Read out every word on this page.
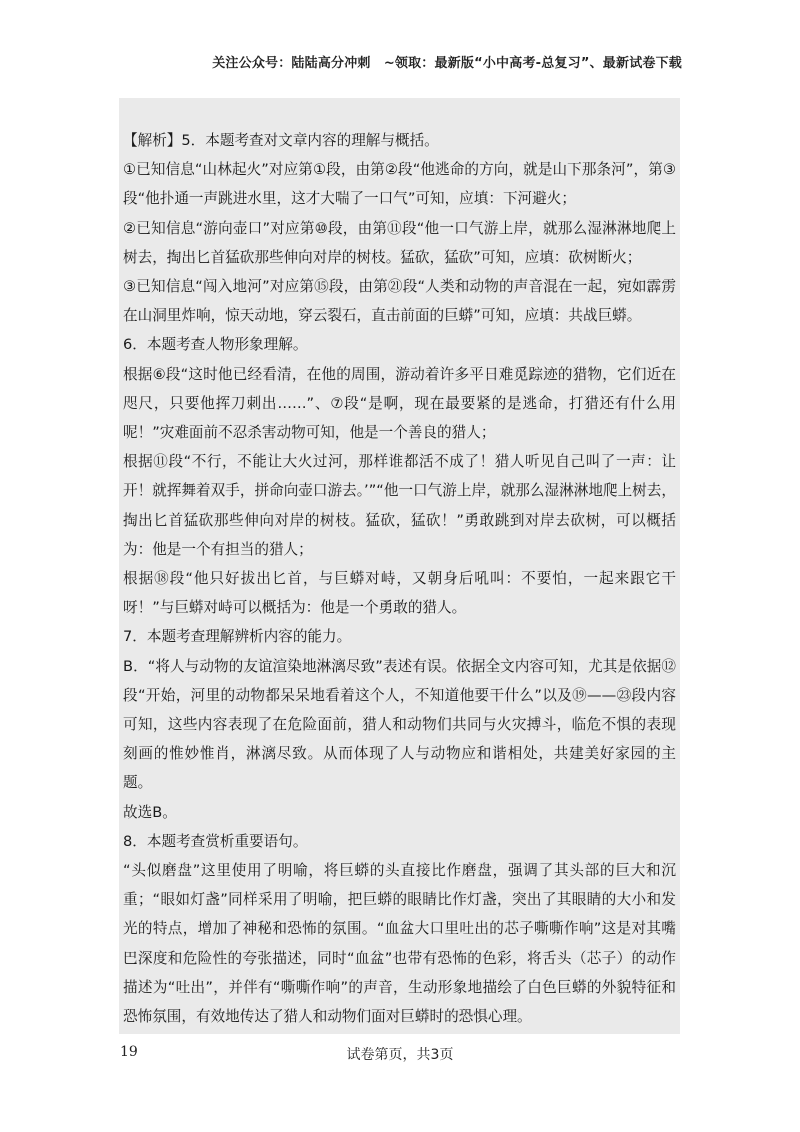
关注公众号：陆陆高分冲刺　~领取：最新版“小中高考-总复习”、最新试卷下载

【解析】5．本题考查对文章内容的理解与概括。

①已知信息“山林起火”对应第①段，由第②段“他逃命的方向，就是山下那条河”，第③段“他扑通一声跳进水里，这才大喘了一口气”可知，应填：下河避火；

②已知信息“游向壶口”对应第⑩段，由第⑪段“他一口气游上岸，就那么湿淋淋地爬上树去，掏出匕首猛砍那些伸向对岸的树枝。猛砍，猛砍”可知，应填：砍树断火；

③已知信息“闯入地河”对应第⑮段，由第㉑段“人类和动物的声音混在一起，宛如霹雳在山洞里炸响，惊天动地，穿云裂石，直击前面的巨蟒”可知，应填：共战巨蟒。

6．本题考查人物形象理解。

根据⑥段“这时他已经看清，在他的周围，游动着许多平日难觅踪迹的猎物，它们近在咫尺，只要他挥刀刺出……”、⑦段“是啊，现在最要紧的是逃命，打猎还有什么用呢！”灾难面前不忍杀害动物可知，他是一个善良的猎人；

根据⑪段“不行，不能让大火过河，那样谁都活不成了！猎人听见自己叫了一声：让开！就挥舞着双手，拼命向壶口游去。’”“他一口气游上岸，就那么湿淋淋地爬上树去，掏出匕首猛砍那些伸向对岸的树枝。猛砍，猛砍！”勇敢跳到对岸去砍树，可以概括为：他是一个有担当的猎人；

根据⑱段“他只好拔出匕首，与巨蟒对峙，又朝身后吼叫：不要怕，一起来跟它干呀！”与巨蟒对峙可以概括为：他是一个勇敢的猎人。

7．本题考查理解辨析内容的能力。

B．“将人与动物的友谊渲染地淋漓尽致”表述有误。依据全文内容可知，尤其是依据⑫段“开始，河里的动物都呆呆地看着这个人，不知道他要干什么”以及⑲——㉓段内容可知，这些内容表现了在危险面前，猎人和动物们共同与火灾搏斗，临危不惧的表现刻画的惟妙惟肖，淋漓尽致。从而体现了人与动物应和谐相处，共建美好家园的主题。

故选B。

8．本题考查赏析重要语句。

“头似磨盘”这里使用了明喻，将巨蟒的头直接比作磨盘，强调了其头部的巨大和沉重；“眼如灯盏”同样采用了明喻，把巨蟒的眼睛比作灯盏，突出了其眼睛的大小和发光的特点，增加了神秘和恐怖的氛围。“血盆大口里吐出的芯子嘶嘶作响”这是对其嘴巴深度和危险性的夸张描述，同时“血盆”也带有恐怖的色彩，将舌头（芯子）的动作描述为“吐出”，并伴有“嘶嘶作响”的声音，生动形象地描绘了白色巨蟒的外貌特征和恐怖氛围，有效地传达了猎人和动物们面对巨蟒时的恐惧心理。

19	试卷第页，共3页
